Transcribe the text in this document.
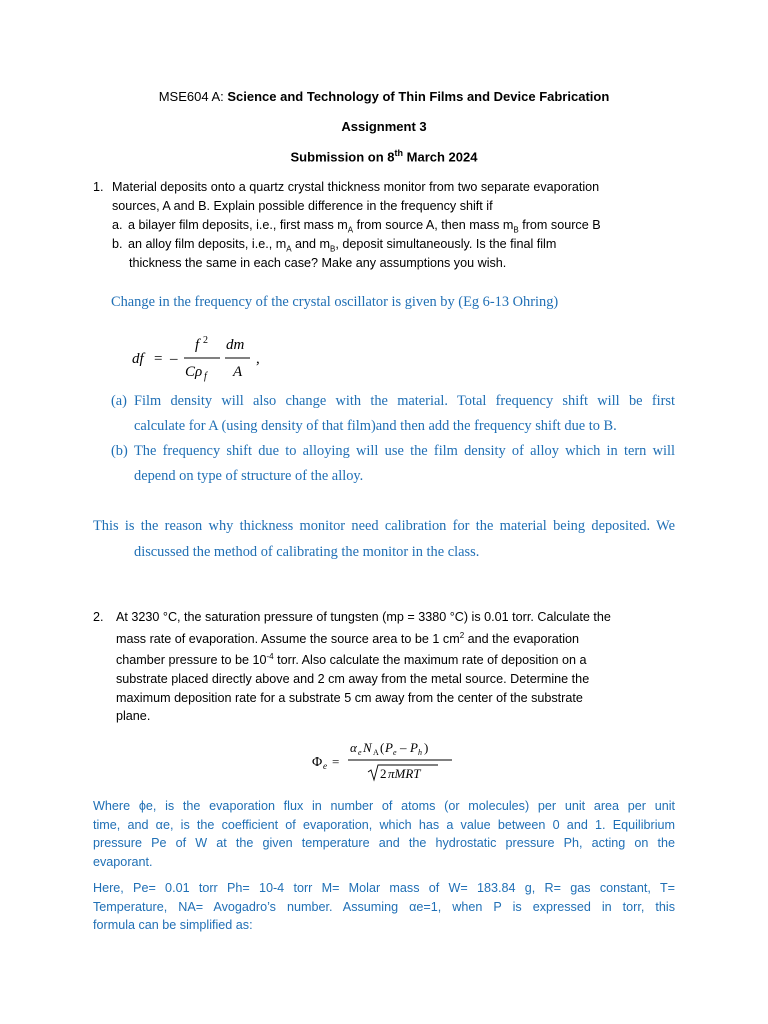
MSE604 A: Science and Technology of Thin Films and Device Fabrication
Assignment 3
Submission on 8th March 2024
1. Material deposits onto a quartz crystal thickness monitor from two separate evaporation
sources, A and B. Explain possible difference in the frequency shift if
a. a bilayer film deposits, i.e., first mass $m_A$ from source A, then mass $m_B$ from source B
b. an alloy film deposits, i.e., $m_A$ and $m_B$, deposit simultaneously. Is the final film
thickness the same in each case? Make any assumptions you wish.
Change in the frequency of the crystal oscillator is given by (Eg 6-13 Ohring)
df = –
f 2
Cρ f
dm
A
,
(a) Film density will also change with the material. Total frequency shift will be first
calculate for A (using density of that film)and then add the frequency shift due to B.
(b) The frequency shift due to alloying will use the film density of alloy which in tern will
depend on type of structure of the alloy.
This is the reason why thickness monitor need calibration for the material being deposited. We
discussed the method of calibrating the monitor in the class.
2. At 3230 °C, the saturation pressure of tungsten (mp = 3380 °C) is 0.01 torr. Calculate the
mass rate of evaporation. Assume the source area to be 1 $cm^2$ and the evaporation
chamber pressure to be $10^{-4}$ torr. Also calculate the maximum rate of deposition on a
substrate placed directly above and 2 cm away from the metal source. Determine the
maximum deposition rate for a substrate 5 cm away from the center of the substrate
plane.
Φ e =
α e N A ( P e – P h )
2 πMRT
Where ϕe, is the evaporation flux in number of atoms (or molecules) per unit area per unit
time, and αe, is the coefficient of evaporation, which has a value between 0 and 1. Equilibrium
pressure Pe of W at the given temperature and the hydrostatic pressure Ph, acting on the
evaporant.
Here, Pe= 0.01 torr Ph= 10-4 torr M= Molar mass of W= 183.84 g, R= gas constant, T=
Temperature, NA= Avogadro’s number. Assuming αe=1, when P is expressed in torr, this
formula can be simplified as:
